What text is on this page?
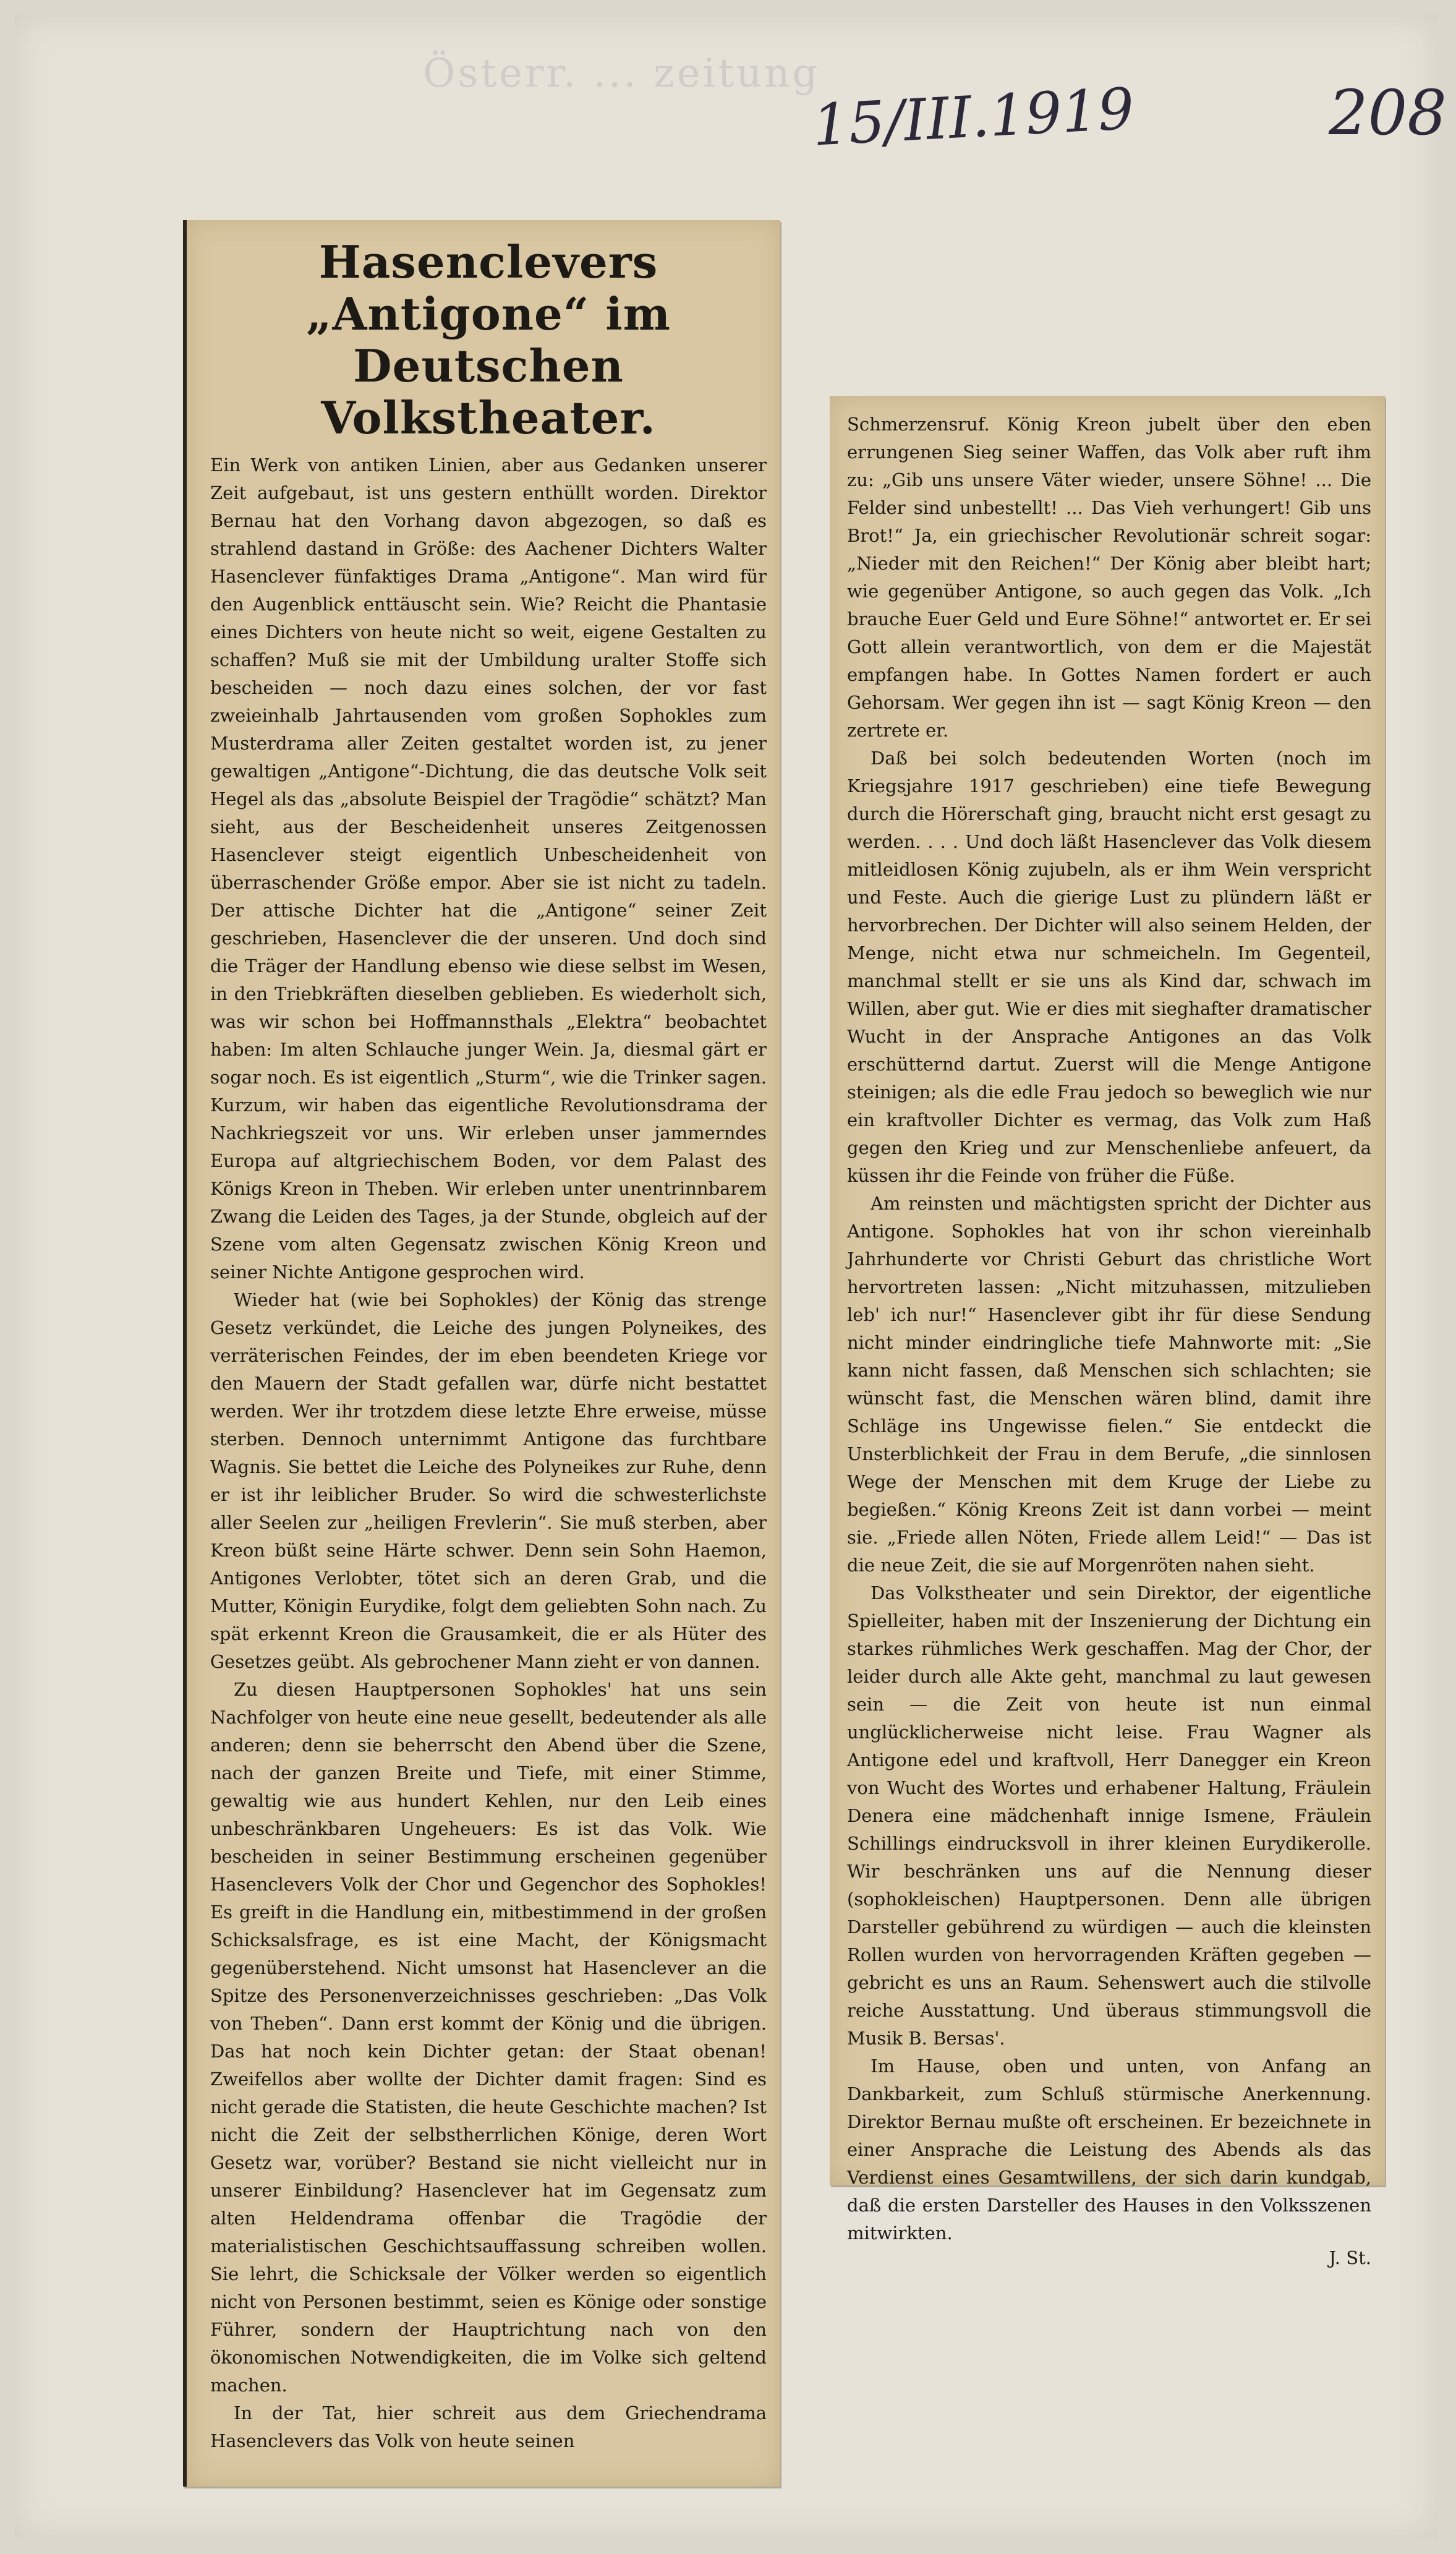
Österr. ... zeitung
15/III.1919	208
Hasenclevers „Antigone“ im Deutschen Volkstheater.

Ein Werk von antiken Linien, aber aus Gedanken unserer Zeit aufgebaut, ist uns gestern enthüllt worden. Direktor Bernau hat den Vorhang davon abgezogen, so daß es strahlend dastand in Größe: des Aachener Dichters Walter Hasenclever fünfaktiges Drama „Antigone“. Man wird für den Augenblick enttäuscht sein. Wie? Reicht die Phantasie eines Dichters von heute nicht so weit, eigene Gestalten zu schaffen? Muß sie mit der Umbildung uralter Stoffe sich bescheiden — noch dazu eines solchen, der vor fast zweieinhalb Jahrtausenden vom großen Sophokles zum Musterdrama aller Zeiten gestaltet worden ist, zu jener gewaltigen „Antigone“-Dichtung, die das deutsche Volk seit Hegel als das „absolute Beispiel der Tragödie“ schätzt? Man sieht, aus der Bescheidenheit unseres Zeitgenossen Hasenclever steigt eigentlich Unbescheidenheit von überraschender Größe empor. Aber sie ist nicht zu tadeln. Der attische Dichter hat die „Antigone“ seiner Zeit geschrieben, Hasenclever die der unseren. Und doch sind die Träger der Handlung ebenso wie diese selbst im Wesen, in den Triebkräften dieselben geblieben. Es wiederholt sich, was wir schon bei Hoffmannsthals „Elektra“ beobachtet haben: Im alten Schlauche junger Wein. Ja, diesmal gärt er sogar noch. Es ist eigentlich „Sturm“, wie die Trinker sagen. Kurzum, wir haben das eigentliche Revolutionsdrama der Nachkriegszeit vor uns. Wir erleben unser jammerndes Europa auf altgriechischem Boden, vor dem Palast des Königs Kreon in Theben. Wir erleben unter unentrinnbarem Zwang die Leiden des Tages, ja der Stunde, obgleich auf der Szene vom alten Gegensatz zwischen König Kreon und seiner Nichte Antigone gesprochen wird.

Wieder hat (wie bei Sophokles) der König das strenge Gesetz verkündet, die Leiche des jungen Polyneikes, des verräterischen Feindes, der im eben beendeten Kriege vor den Mauern der Stadt gefallen war, dürfe nicht bestattet werden. Wer ihr trotzdem diese letzte Ehre erweise, müsse sterben. Dennoch unternimmt Antigone das furchtbare Wagnis. Sie bettet die Leiche des Polyneikes zur Ruhe, denn er ist ihr leiblicher Bruder. So wird die schwesterlichste aller Seelen zur „heiligen Frevlerin“. Sie muß sterben, aber Kreon büßt seine Härte schwer. Denn sein Sohn Haemon, Antigones Verlobter, tötet sich an deren Grab, und die Mutter, Königin Eurydike, folgt dem geliebten Sohn nach. Zu spät erkennt Kreon die Grausamkeit, die er als Hüter des Gesetzes geübt. Als gebrochener Mann zieht er von dannen.

Zu diesen Hauptpersonen Sophokles' hat uns sein Nachfolger von heute eine neue gesellt, bedeutender als alle anderen; denn sie beherrscht den Abend über die Szene, nach der ganzen Breite und Tiefe, mit einer Stimme, gewaltig wie aus hundert Kehlen, nur den Leib eines unbeschränkbaren Ungeheuers: Es ist das Volk. Wie bescheiden in seiner Bestimmung erscheinen gegenüber Hasenclevers Volk der Chor und Gegenchor des Sophokles! Es greift in die Handlung ein, mitbestimmend in der großen Schicksalsfrage, es ist eine Macht, der Königsmacht gegenüberstehend. Nicht umsonst hat Hasenclever an die Spitze des Personenverzeichnisses geschrieben: „Das Volk von Theben“. Dann erst kommt der König und die übrigen. Das hat noch kein Dichter getan: der Staat obenan! Zweifellos aber wollte der Dichter damit fragen: Sind es nicht gerade die Statisten, die heute Geschichte machen? Ist nicht die Zeit der selbstherrlichen Könige, deren Wort Gesetz war, vorüber? Bestand sie nicht vielleicht nur in unserer Einbildung? Hasenclever hat im Gegensatz zum alten Heldendrama offenbar die Tragödie der materialistischen Geschichtsauffassung schreiben wollen. Sie lehrt, die Schicksale der Völker werden so eigentlich nicht von Personen bestimmt, seien es Könige oder sonstige Führer, sondern der Hauptrichtung nach von den ökonomischen Notwendigkeiten, die im Volke sich geltend machen.

In der Tat, hier schreit aus dem Griechendrama Hasenclevers das Volk von heute seinen

Schmerzensruf. König Kreon jubelt über den eben errungenen Sieg seiner Waffen, das Volk aber ruft ihm zu: „Gib uns unsere Väter wieder, unsere Söhne! ... Die Felder sind unbestellt! ... Das Vieh verhungert! Gib uns Brot!“ Ja, ein griechischer Revolutionär schreit sogar: „Nieder mit den Reichen!“ Der König aber bleibt hart; wie gegenüber Antigone, so auch gegen das Volk. „Ich brauche Euer Geld und Eure Söhne!“ antwortet er. Er sei Gott allein verantwortlich, von dem er die Majestät empfangen habe. In Gottes Namen fordert er auch Gehorsam. Wer gegen ihn ist — sagt König Kreon — den zertrete er.

Daß bei solch bedeutenden Worten (noch im Kriegsjahre 1917 geschrieben) eine tiefe Bewegung durch die Hörerschaft ging, braucht nicht erst gesagt zu werden. . . . Und doch läßt Hasenclever das Volk diesem mitleidlosen König zujubeln, als er ihm Wein verspricht und Feste. Auch die gierige Lust zu plündern läßt er hervorbrechen. Der Dichter will also seinem Helden, der Menge, nicht etwa nur schmeicheln. Im Gegenteil, manchmal stellt er sie uns als Kind dar, schwach im Willen, aber gut. Wie er dies mit sieghafter dramatischer Wucht in der Ansprache Antigones an das Volk erschütternd dartut. Zuerst will die Menge Antigone steinigen; als die edle Frau jedoch so beweglich wie nur ein kraftvoller Dichter es vermag, das Volk zum Haß gegen den Krieg und zur Menschenliebe anfeuert, da küssen ihr die Feinde von früher die Füße.

Am reinsten und mächtigsten spricht der Dichter aus Antigone. Sophokles hat von ihr schon viereinhalb Jahrhunderte vor Christi Geburt das christliche Wort hervortreten lassen: „Nicht mitzuhassen, mitzulieben leb' ich nur!“ Hasenclever gibt ihr für diese Sendung nicht minder eindringliche tiefe Mahnworte mit: „Sie kann nicht fassen, daß Menschen sich schlachten; sie wünscht fast, die Menschen wären blind, damit ihre Schläge ins Ungewisse fielen.“ Sie entdeckt die Unsterblichkeit der Frau in dem Berufe, „die sinnlosen Wege der Menschen mit dem Kruge der Liebe zu begießen.“ König Kreons Zeit ist dann vorbei — meint sie. „Friede allen Nöten, Friede allem Leid!“ — Das ist die neue Zeit, die sie auf Morgenröten nahen sieht.

Das Volkstheater und sein Direktor, der eigentliche Spielleiter, haben mit der Inszenierung der Dichtung ein starkes rühmliches Werk geschaffen. Mag der Chor, der leider durch alle Akte geht, manchmal zu laut gewesen sein — die Zeit von heute ist nun einmal unglücklicherweise nicht leise. Frau Wagner als Antigone edel und kraftvoll, Herr Danegger ein Kreon von Wucht des Wortes und erhabener Haltung, Fräulein Denera eine mädchenhaft innige Ismene, Fräulein Schillings eindrucksvoll in ihrer kleinen Eurydikerolle. Wir beschränken uns auf die Nennung dieser (sophokleischen) Hauptpersonen. Denn alle übrigen Darsteller gebührend zu würdigen — auch die kleinsten Rollen wurden von hervorragenden Kräften gegeben — gebricht es uns an Raum. Sehenswert auch die stilvolle reiche Ausstattung. Und überaus stimmungsvoll die Musik B. Bersas'.

Im Hause, oben und unten, von Anfang an Dankbarkeit, zum Schluß stürmische Anerkennung. Direktor Bernau mußte oft erscheinen. Er bezeichnete in einer Ansprache die Leistung des Abends als das Verdienst eines Gesamtwillens, der sich darin kundgab, daß die ersten Darsteller des Hauses in den Volksszenen mitwirkten.

J. St.
